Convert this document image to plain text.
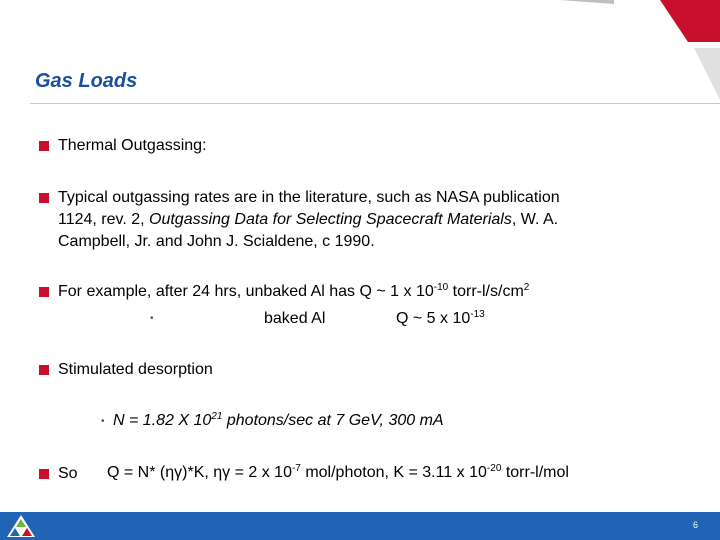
Gas Loads
Thermal Outgassing:
Typical outgassing rates are in the literature, such as NASA publication
1124, rev. 2, Outgassing Data for Selecting Spacecraft Materials, W. A.
Campbell, Jr. and John J. Scialdene, c 1990.
For example, after 24 hrs, unbaked Al has Q ~ 1 x $10^{-10}$ torr-$l/s/cm^2$
•	baked Al	Q ~ 5 x $10^{-13}$
Stimulated desorption
• N = 1.82 X $10^{21}$ photons/sec at 7 GeV, 300 mA
So Q = N* (ηγ)*K, ηγ = 2 x $10^{-7}$ mol/photon, K = 3.11 x $10^{-20}$ torr-l/mol
6
